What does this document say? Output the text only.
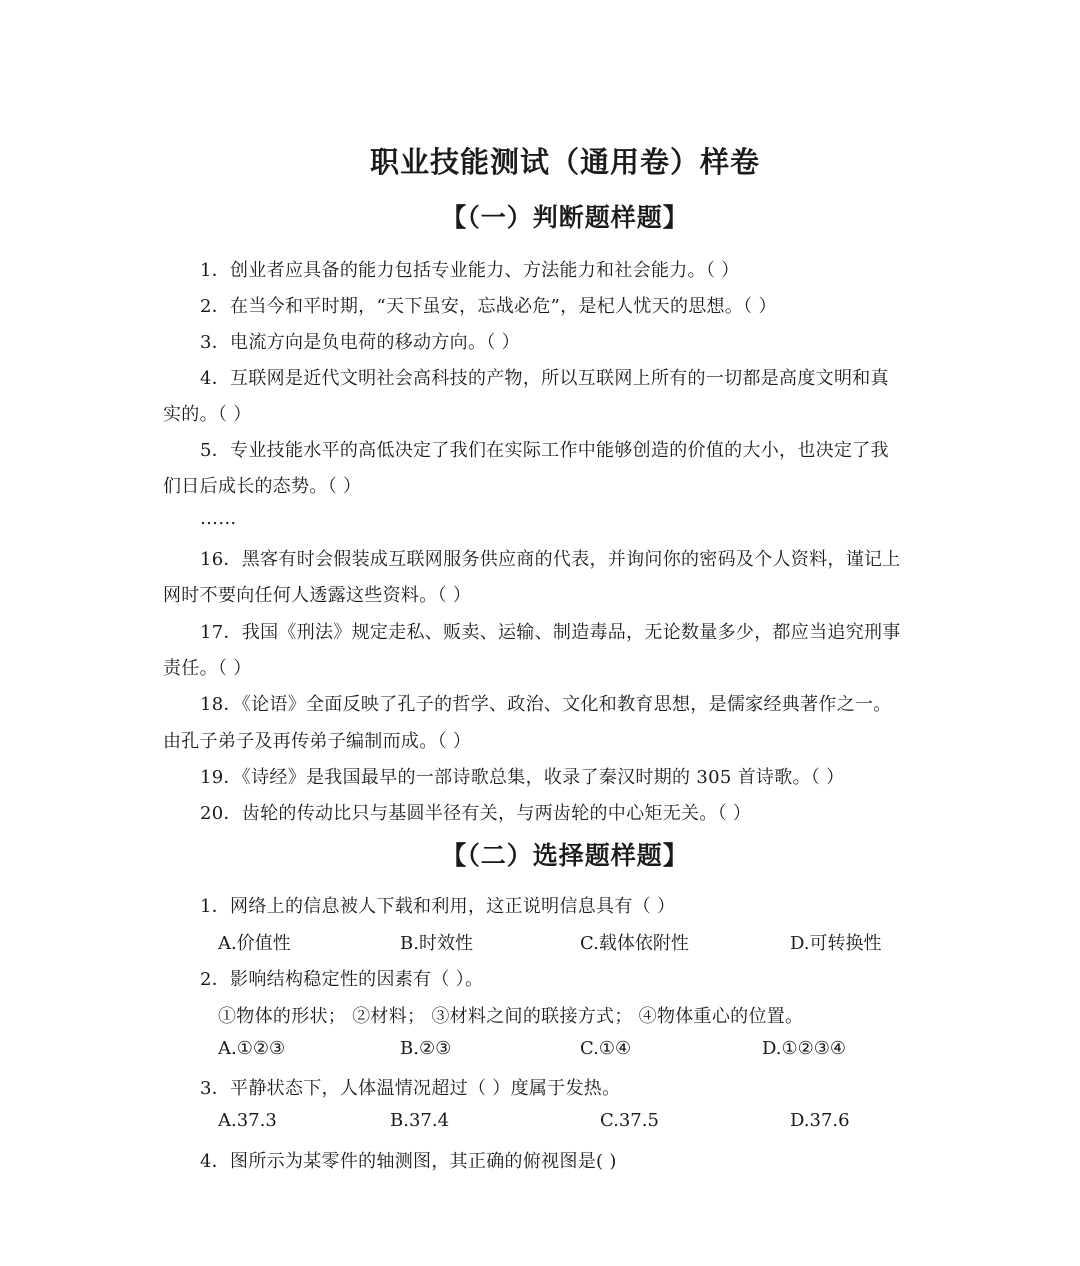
职业技能测试（通用卷）样卷
【（一）判断题样题】
1．创业者应具备的能力包括专业能力、方法能力和社会能力。（ ）
2．在当今和平时期，“天下虽安，忘战必危”，是杞人忧天的思想。（ ）
3．电流方向是负电荷的移动方向。（ ）
4．互联网是近代文明社会高科技的产物，所以互联网上所有的一切都是高度文明和真
实的。（ ）
5．专业技能水平的高低决定了我们在实际工作中能够创造的价值的大小，也决定了我
们日后成长的态势。（ ）
……
16．黑客有时会假装成互联网服务供应商的代表，并询问你的密码及个人资料，谨记上
网时不要向任何人透露这些资料。（ ）
17．我国《刑法》规定走私、贩卖、运输、制造毒品，无论数量多少，都应当追究刑事
责任。（ ）
18．《论语》全面反映了孔子的哲学、政治、文化和教育思想，是儒家经典著作之一。
由孔子弟子及再传弟子编制而成。（ ）
19．《诗经》是我国最早的一部诗歌总集，收录了秦汉时期的 305 首诗歌。（ ）
20．齿轮的传动比只与基圆半径有关，与两齿轮的中心矩无关。（ ）
【（二）选择题样题】
1．网络上的信息被人下载和利用，这正说明信息具有（ ）
A.价值性	B.时效性	C.载体依附性	D.可转换性
2．影响结构稳定性的因素有（ ）。
①物体的形状； ②材料； ③材料之间的联接方式； ④物体重心的位置。
A.①②③	B.②③	C.①④	D.①②③④
3．平静状态下，人体温情况超过（ ）度属于发热。
A.37.3	B.37.4	C.37.5	D.37.6
4．图所示为某零件的轴测图，其正确的俯视图是( )
